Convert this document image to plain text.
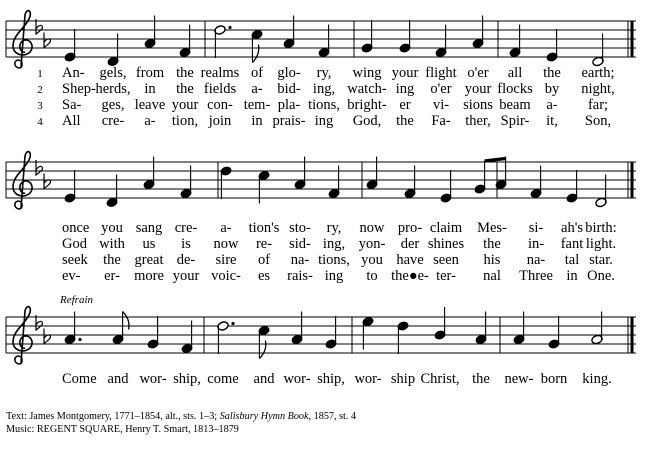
1 An- gels, from the realms of glo- ry, wing your flight o'er all the earth;
2 Shep- herds, in the fields a- bid- ing, watch- ing o'er your flocks by night,
3 Sa- ges, leave your con- tem- pla- tions, bright- er vi- sions beam a- far;
4 All cre- a- tion, join in prais- ing God, the Fa- ther, Spir- it, Son,
once you sang cre- a- tion's sto- ry, now pro- claim Mes- si- ah's birth:
God with us is now re- sid- ing, yon- der shines the in- fant light.
seek the great de- sire of na- tions, you have seen his na- tal star.
ev- er- more your voic- es rais- ing to the●e- ter- nal Three in One.
Refrain
Come and wor- ship, come and wor- ship, wor- ship Christ, the new- born king.
Text: James Montgomery, 1771–1854, alt., sts. 1–3; Salisbury Hymn Book, 1857, st. 4
Music: REGENT SQUARE, Henry T. Smart, 1813–1879
